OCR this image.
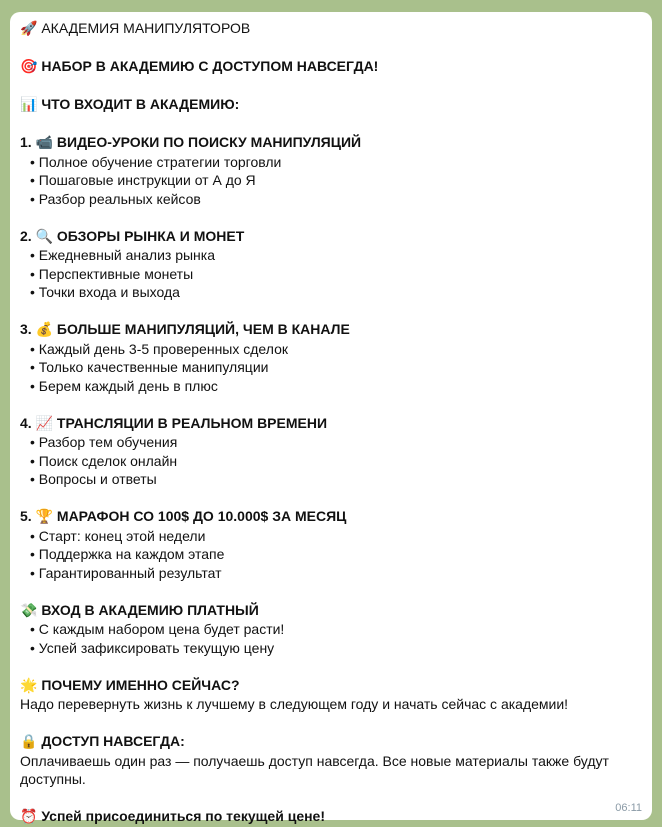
🚀 АКАДЕМИЯ МАНИПУЛЯТОРОВ
🎯 НАБОР В АКАДЕМИЮ С ДОСТУПОМ НАВСЕГДА!
📊 ЧТО ВХОДИТ В АКАДЕМИЮ:
1. 📹 ВИДЕО-УРОКИ ПО ПОИСКУ МАНИПУЛЯЦИЙ
• Полное обучение стратегии торговли
• Пошаговые инструкции от А до Я
• Разбор реальных кейсов
2. 🔍 ОБЗОРЫ РЫНКА И МОНЕТ
• Ежедневный анализ рынка
• Перспективные монеты
• Точки входа и выхода
3. 💰 БОЛЬШЕ МАНИПУЛЯЦИЙ, ЧЕМ В КАНАЛЕ
• Каждый день 3-5 проверенных сделок
• Только качественные манипуляции
• Берем каждый день в плюс
4. 📈 ТРАНСЛЯЦИИ В РЕАЛЬНОМ ВРЕМЕНИ
• Разбор тем обучения
• Поиск сделок онлайн
• Вопросы и ответы
5. 🏆 МАРАФОН СО 100$ ДО 10.000$ ЗА МЕСЯЦ
• Старт: конец этой недели
• Поддержка на каждом этапе
• Гарантированный результат
💸 ВХОД В АКАДЕМИЮ ПЛАТНЫЙ
• С каждым набором цена будет расти!
• Успей зафиксировать текущую цену
🌟 ПОЧЕМУ ИМЕННО СЕЙЧАС?
Надо перевернуть жизнь к лучшему в следующем году и начать сейчас с академии!
🔒 ДОСТУП НАВСЕГДА:
Оплачиваешь один раз — получаешь доступ навсегда. Все новые материалы также будут доступны.
⏰ Успей присоединиться по текущей цене!	06:11
